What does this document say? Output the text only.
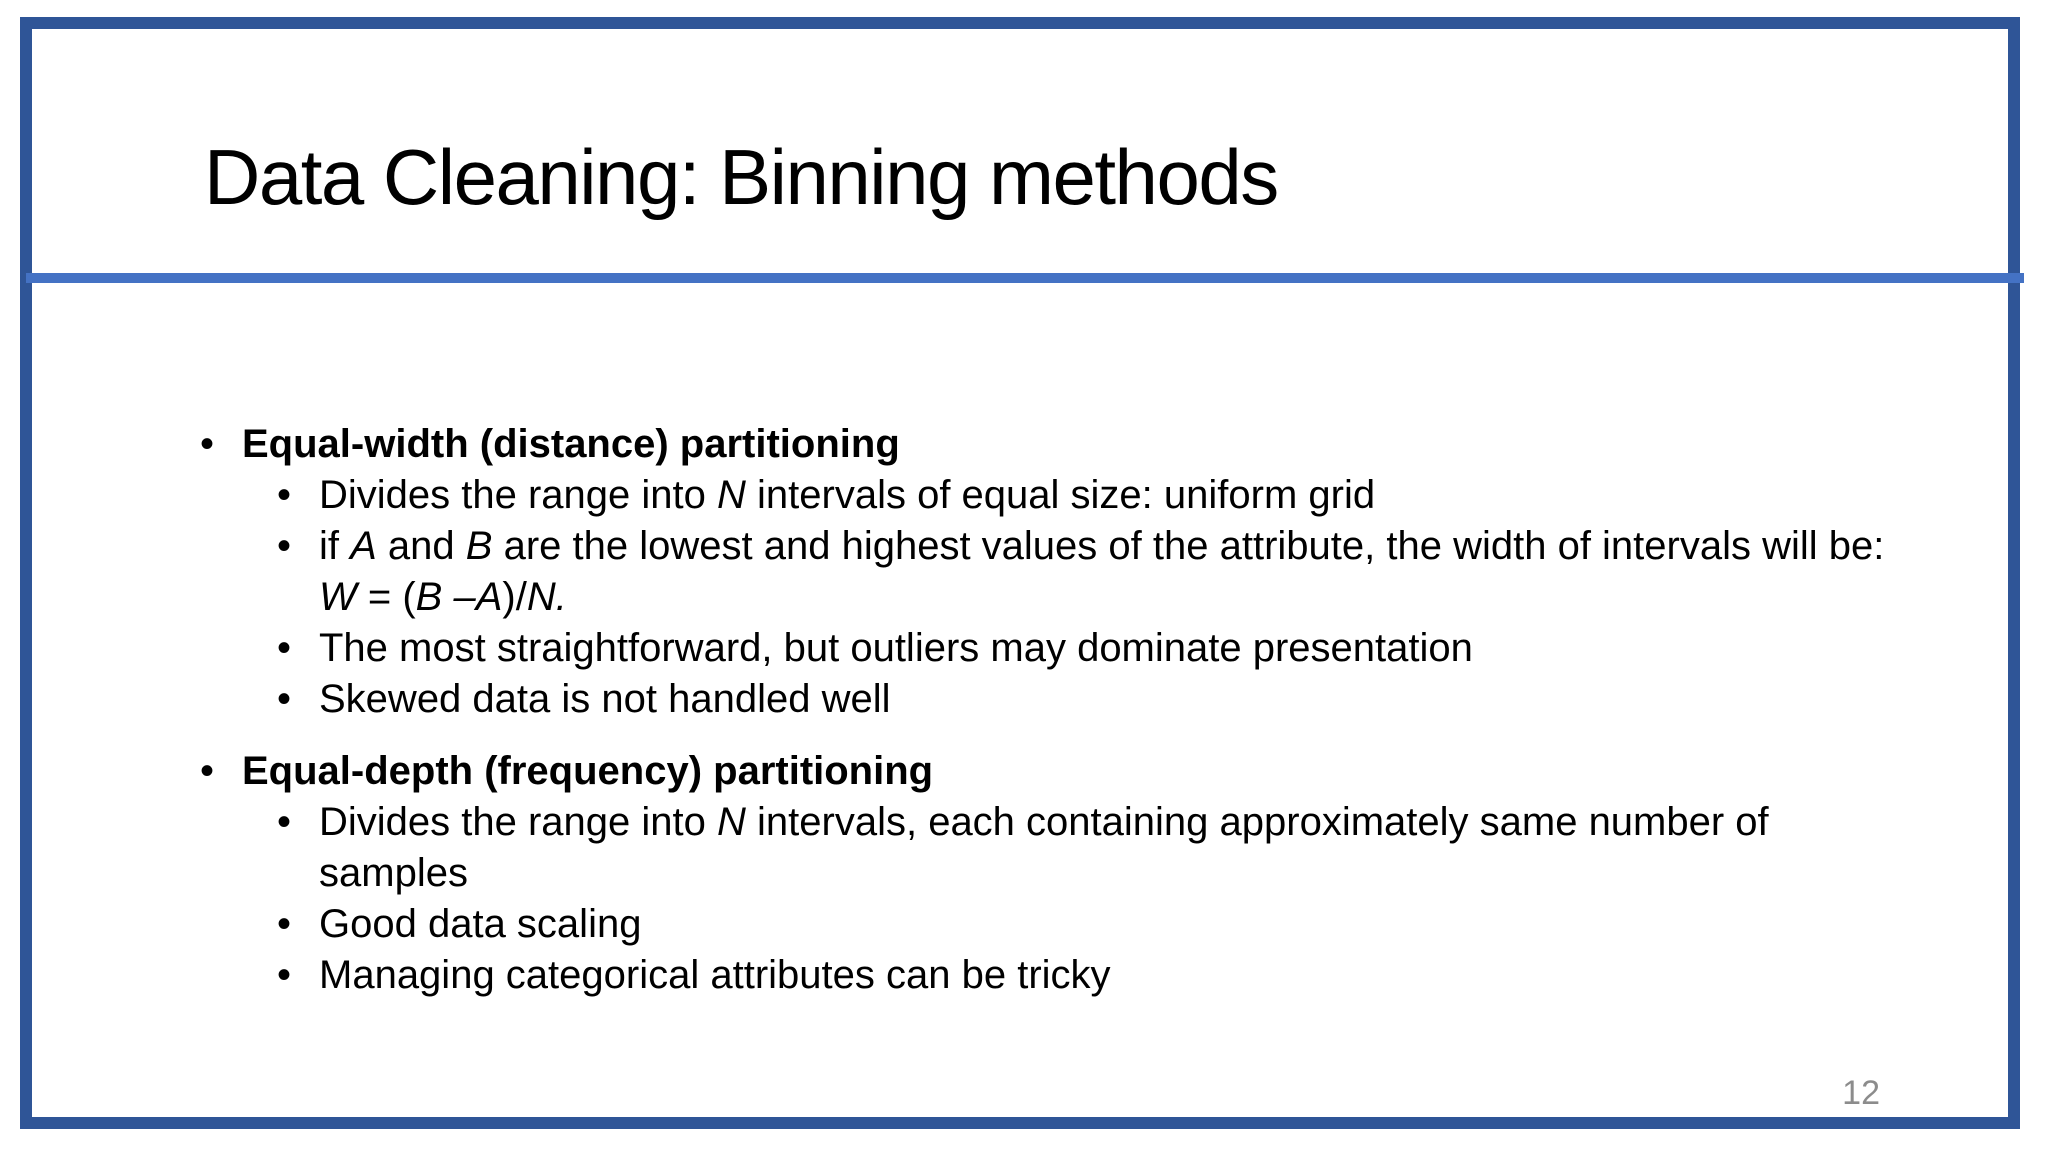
Data Cleaning: Binning methods
• Equal-width (distance) partitioning
• Divides the range into N intervals of equal size: uniform grid
• if A and B are the lowest and highest values of the attribute, the width of intervals will be: W = (B –A)/N.
• The most straightforward, but outliers may dominate presentation
• Skewed data is not handled well
• Equal-depth (frequency) partitioning
• Divides the range into N intervals, each containing approximately same number of samples
• Good data scaling
• Managing categorical attributes can be tricky
12
